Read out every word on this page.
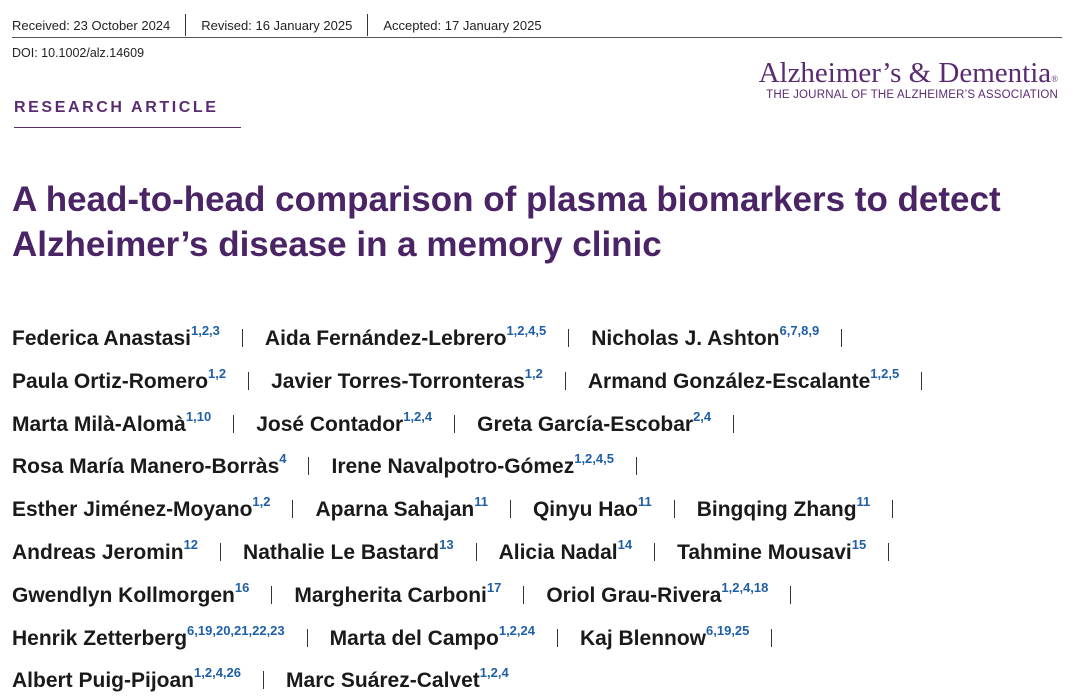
Received: 23 October 2024 Revised: 16 January 2025 Accepted: 17 January 2025
DOI: 10.1002/alz.14609
Alzheimer’s & Dementia®
THE JOURNAL OF THE ALZHEIMER’S ASSOCIATION
RESEARCH ARTICLE
A head-to-head comparison of plasma biomarkers to detect Alzheimer’s disease in a memory clinic
Federica Anastasi$^{1,2,3}$ Aida Fernández-Lebrero$^{1,2,4,5}$ Nicholas J. Ashton$^{6,7,8,9}$
Paula Ortiz-Romero$^{1,2}$ Javier Torres-Torronteras$^{1,2}$ Armand González-Escalante$^{1,2,5}$
Marta Milà-Alomà$^{1,10}$ José Contador$^{1,2,4}$ Greta García-Escobar$^{2,4}$
Rosa María Manero-Borràs$^4$ Irene Navalpotro-Gómez$^{1,2,4,5}$
Esther Jiménez-Moyano$^{1,2}$ Aparna Sahajan$^{11}$ Qinyu Hao$^{11}$ Bingqing Zhang$^{11}$
Andreas Jeromin$^{12}$ Nathalie Le Bastard$^{13}$ Alicia Nadal$^{14}$ Tahmine Mousavi$^{15}$
Gwendlyn Kollmorgen$^{16}$ Margherita Carboni$^{17}$ Oriol Grau-Rivera$^{1,2,4,18}$
Henrik Zetterberg$^{6,19,20,21,22,23}$ Marta del Campo$^{1,2,24}$ Kaj Blennow$^{6,19,25}$
Albert Puig-Pijoan$^{1,2,4,26}$ Marc Suárez-Calvet$^{1,2,4}$
